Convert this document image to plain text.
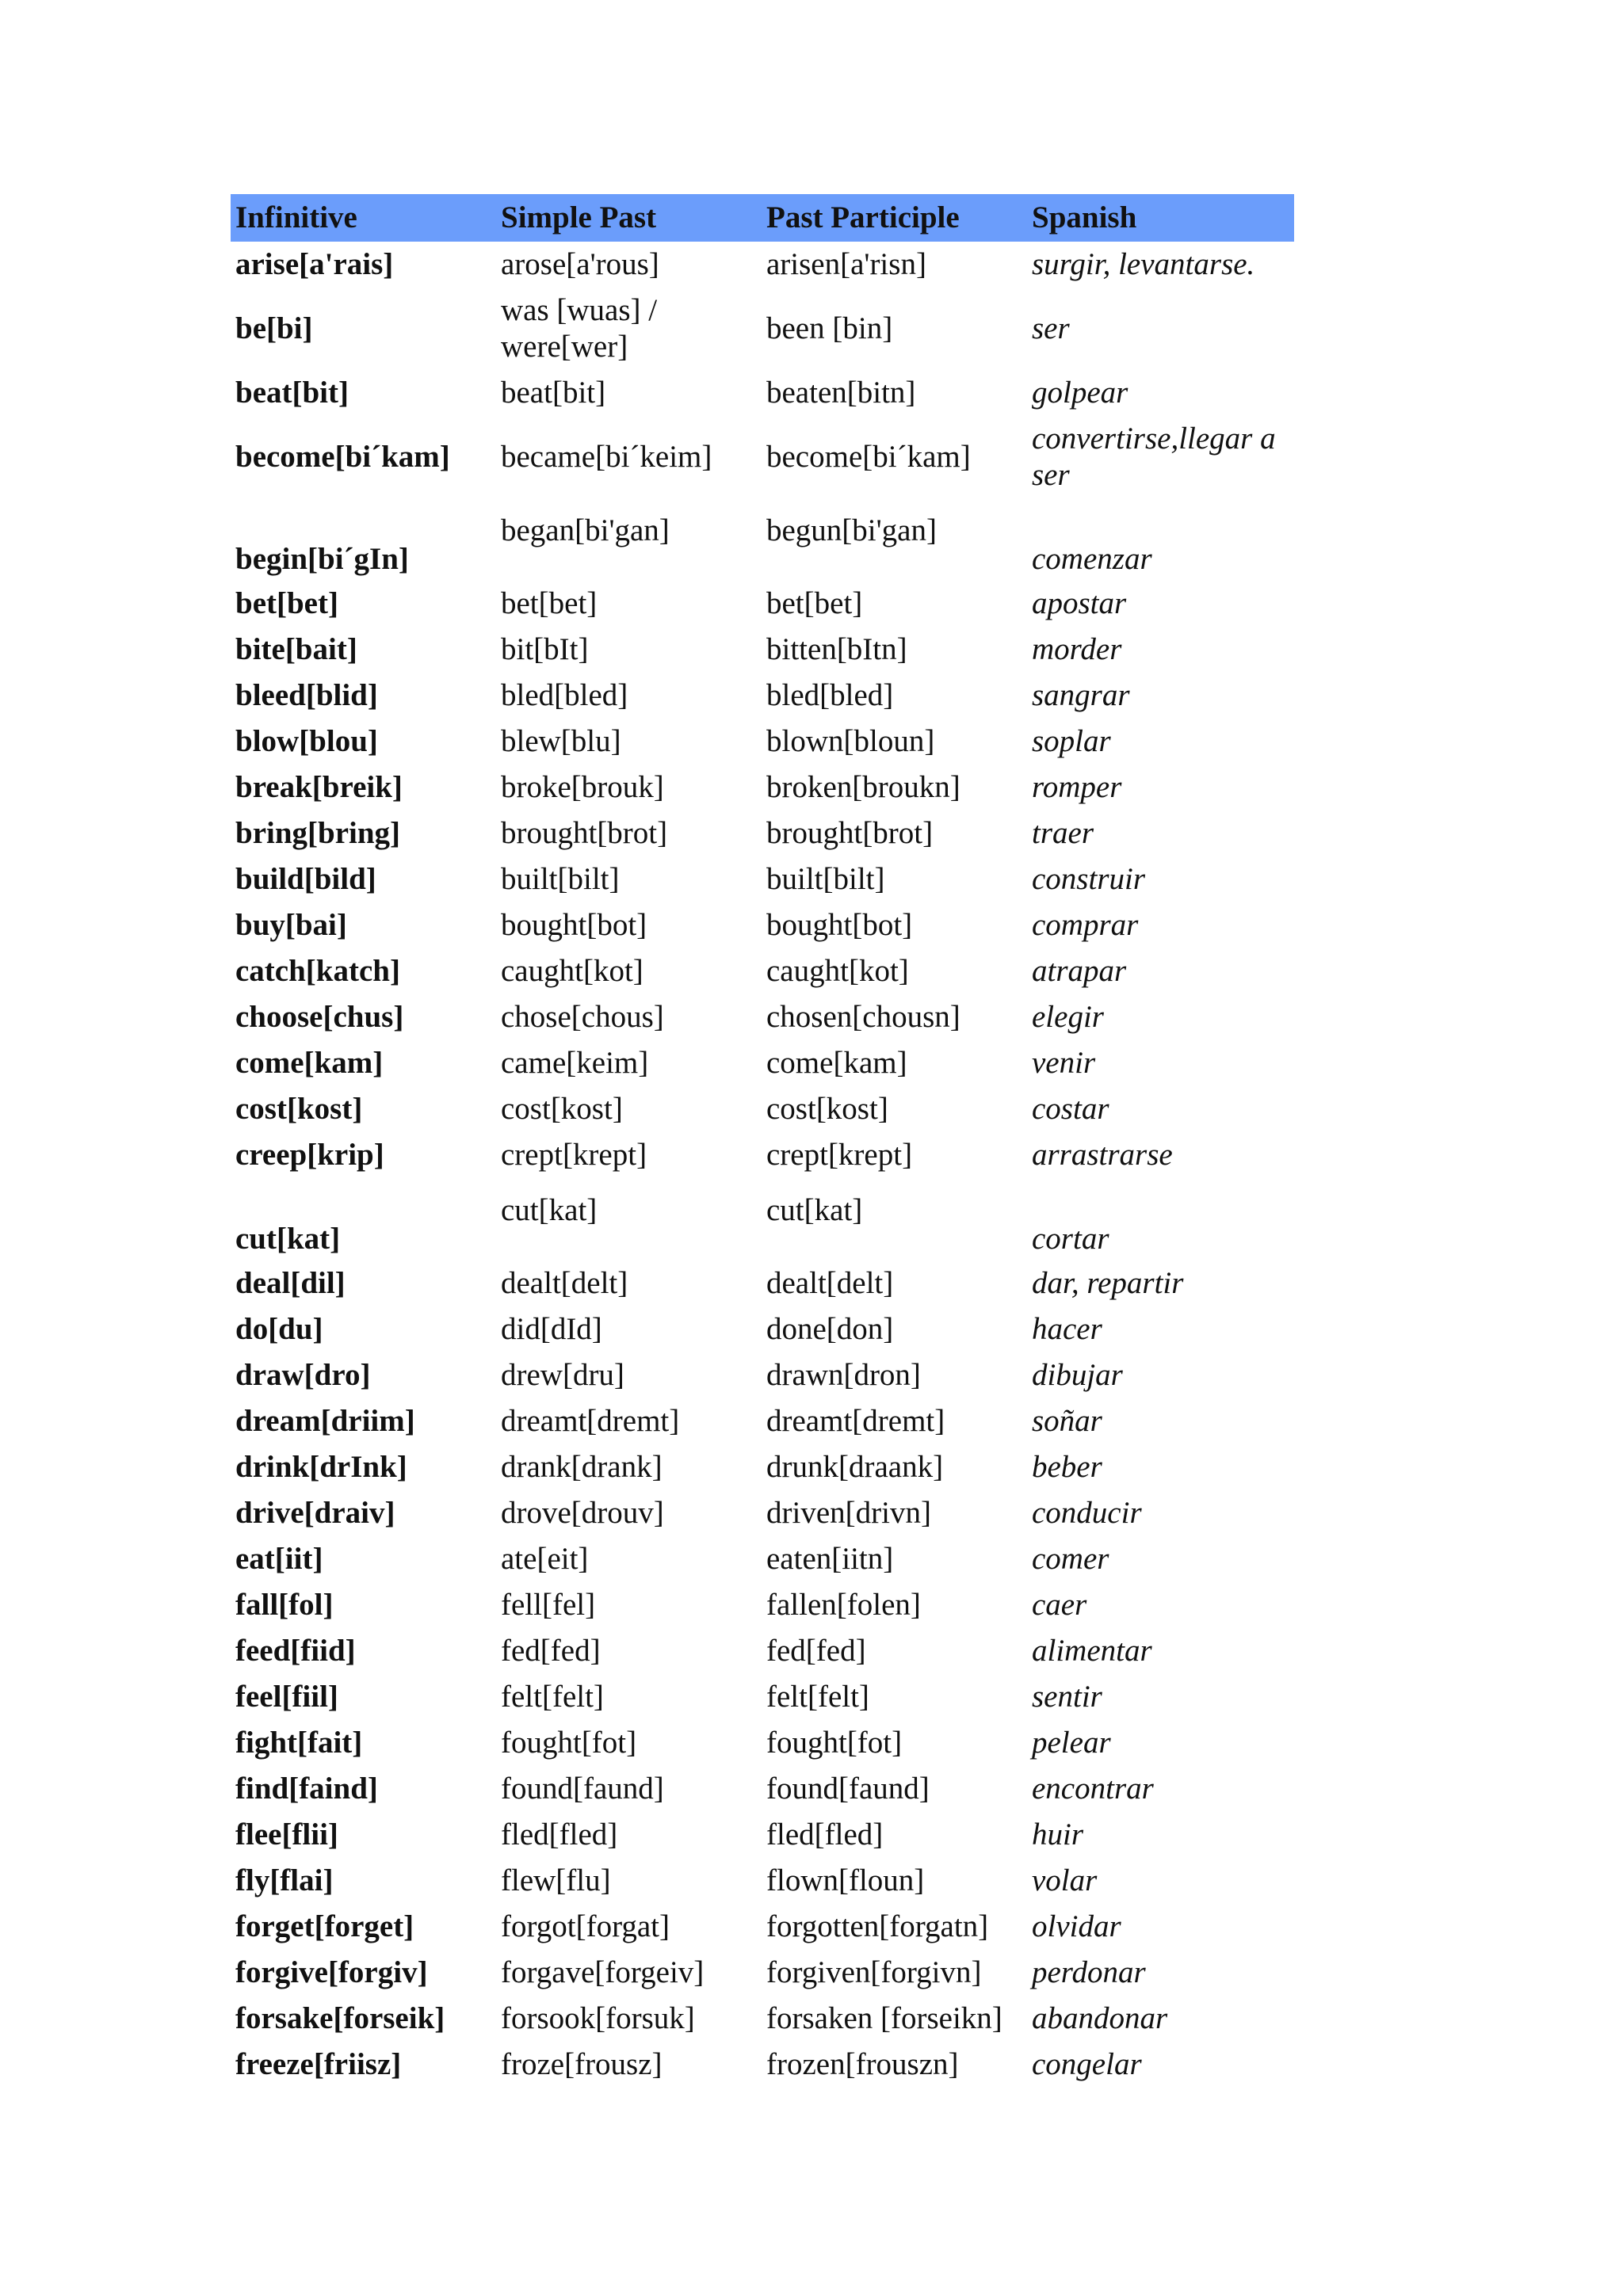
Infinitive	Simple Past	Past Participle	Spanish
arise[a'rais]	arose[a'rous]	arisen[a'risn]	surgir, levantarse.
be[bi]	was [wuas] / were[wer]	been [bin]	ser
beat[bit]	beat[bit]	beaten[bitn]	golpear
become[bi´kam]	became[bi´keim]	become[bi´kam]	convertirse,llegar a ser
begin[bi´gIn]	began[bi'gan]	begun[bi'gan]	comenzar
bet[bet]	bet[bet]	bet[bet]	apostar
bite[bait]	bit[bIt]	bitten[bItn]	morder
bleed[blid]	bled[bled]	bled[bled]	sangrar
blow[blou]	blew[blu]	blown[bloun]	soplar
break[breik]	broke[brouk]	broken[broukn]	romper
bring[bring]	brought[brot]	brought[brot]	traer
build[bild]	built[bilt]	built[bilt]	construir
buy[bai]	bought[bot]	bought[bot]	comprar
catch[katch]	caught[kot]	caught[kot]	atrapar
choose[chus]	chose[chous]	chosen[chousn]	elegir
come[kam]	came[keim]	come[kam]	venir
cost[kost]	cost[kost]	cost[kost]	costar
creep[krip]	crept[krept]	crept[krept]	arrastrarse
cut[kat]	cut[kat]	cut[kat]	cortar
deal[dil]	dealt[delt]	dealt[delt]	dar, repartir
do[du]	did[dId]	done[don]	hacer
draw[dro]	drew[dru]	drawn[dron]	dibujar
dream[driim]	dreamt[dremt]	dreamt[dremt]	soñar
drink[drInk]	drank[drank]	drunk[draank]	beber
drive[draiv]	drove[drouv]	driven[drivn]	conducir
eat[iit]	ate[eit]	eaten[iitn]	comer
fall[fol]	fell[fel]	fallen[folen]	caer
feed[fiid]	fed[fed]	fed[fed]	alimentar
feel[fiil]	felt[felt]	felt[felt]	sentir
fight[fait]	fought[fot]	fought[fot]	pelear
find[faind]	found[faund]	found[faund]	encontrar
flee[flii]	fled[fled]	fled[fled]	huir
fly[flai]	flew[flu]	flown[floun]	volar
forget[forget]	forgot[forgat]	forgotten[forgatn]	olvidar
forgive[forgiv]	forgave[forgeiv]	forgiven[forgivn]	perdonar
forsake[forseik]	forsook[forsuk]	forsaken [forseikn]	abandonar
freeze[friisz]	froze[frousz]	frozen[frouszn]	congelar
